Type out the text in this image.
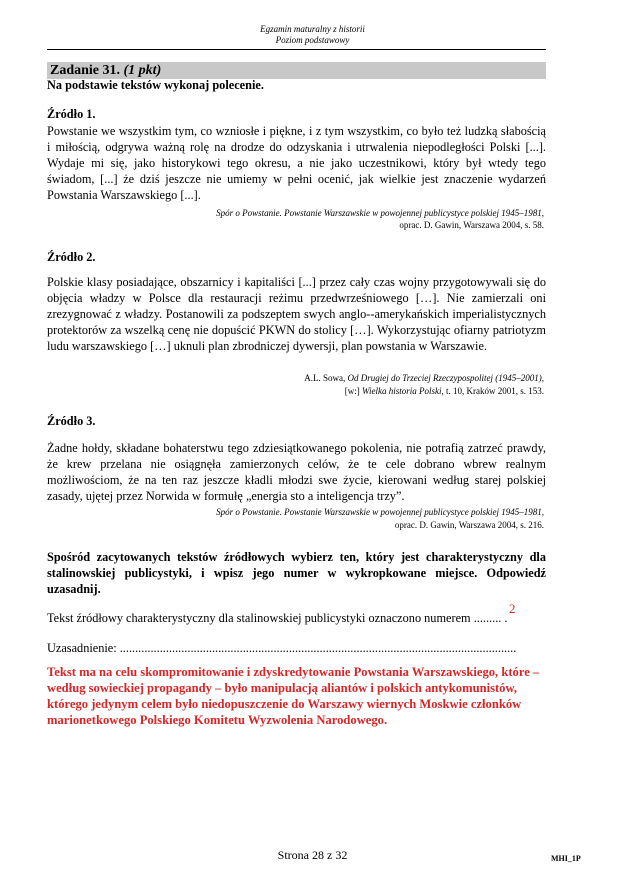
Egzamin maturalny z historii
Poziom podstawowy
Zadanie 31. (1 pkt)
Na podstawie tekstów wykonaj polecenie.
Źródło 1.
Powstanie we wszystkim tym, co wzniosłe i piękne, i z tym wszystkim, co było też ludzką słabością i miłością, odgrywa ważną rolę na drodze do odzyskania i utrwalenia niepodległości Polski [...]. Wydaje mi się, jako historykowi tego okresu, a nie jako uczestnikowi, który był wtedy tego świadom, [...] że dziś jeszcze nie umiemy w pełni ocenić, jak wielkie jest znaczenie wydarzeń Powstania Warszawskiego [...].
Spór o Powstanie. Powstanie Warszawskie w powojennej publicystyce polskiej 1945–1981,
oprac. D. Gawin, Warszawa 2004, s. 58.
Źródło 2.
Polskie klasy posiadające, obszarnicy i kapitaliści [...] przez cały czas wojny przygotowywali się do objęcia władzy w Polsce dla restauracji reżimu przedwrześniowego […]. Nie zamierzali oni zrezygnować z władzy. Postanowili za podszeptem swych anglo--amerykańskich imperialistycznych protektorów za wszelką cenę nie dopuścić PKWN do stolicy […]. Wykorzystując ofiarny patriotyzm ludu warszawskiego […] uknuli plan zbrodniczej dywersji, plan powstania w Warszawie.
A.L. Sowa, Od Drugiej do Trzeciej Rzeczypospolitej (1945–2001),
[w:] Wielka historia Polski, t. 10, Kraków 2001, s. 153.
Źródło 3.
Żadne hołdy, składane bohaterstwu tego zdziesiątkowanego pokolenia, nie potrafią zatrzeć prawdy, że krew przelana nie osiągnęła zamierzonych celów, że te cele dobrano wbrew realnym możliwościom, że na ten raz jeszcze kładli młodzi swe życie, kierowani według starej polskiej zasady, ujętej przez Norwida w formułę „energia sto a inteligencja trzy”.
Spór o Powstanie. Powstanie Warszawskie w powojennej publicystyce polskiej 1945–1981,
oprac. D. Gawin, Warszawa 2004, s. 216.
Spośród zacytowanych tekstów źródłowych wybierz ten, który jest charakterystyczny dla stalinowskiej publicystyki, i wpisz jego numer w wykropkowane miejsce. Odpowiedź uzasadnij.
Tekst źródłowy charakterystyczny dla stalinowskiej publicystyki oznaczono numerem ......... .
2
Uzasadnienie: .................................................................................................................................
Tekst ma na celu skompromitowanie i zdyskredytowanie Powstania Warszawskiego, które – według sowieckiej propagandy – było manipulacją aliantów i polskich antykomunistów, którego jedynym celem było niedopuszczenie do Warszawy wiernych Moskwie członków marionetkowego Polskiego Komitetu Wyzwolenia Narodowego.
Strona 28 z 32	MHI_1P
